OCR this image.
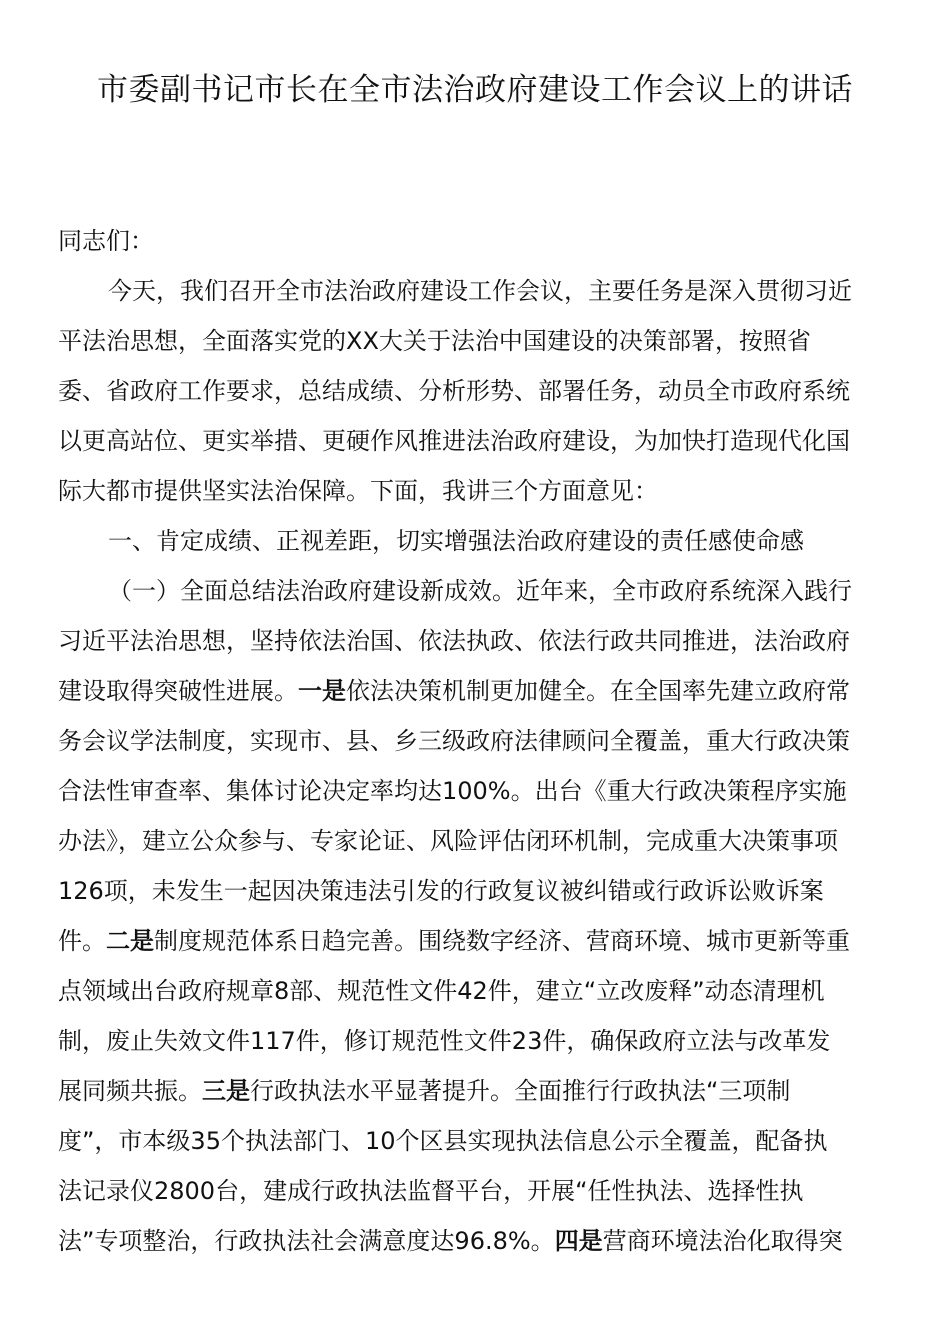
市委副书记市长在全市法治政府建设工作会议上的讲话
同志们：
今天，我们召开全市法治政府建设工作会议，主要任务是深入贯彻习近
平法治思想，全面落实党的XX大关于法治中国建设的决策部署，按照省
委、省政府工作要求，总结成绩、分析形势、部署任务，动员全市政府系统
以更高站位、更实举措、更硬作风推进法治政府建设，为加快打造现代化国
际大都市提供坚实法治保障。下面，我讲三个方面意见：
一、肯定成绩、正视差距，切实增强法治政府建设的责任感使命感
（一）全面总结法治政府建设新成效。近年来，全市政府系统深入践行
习近平法治思想，坚持依法治国、依法执政、依法行政共同推进，法治政府
建设取得突破性进展。一是依法决策机制更加健全。在全国率先建立政府常
务会议学法制度，实现市、县、乡三级政府法律顾问全覆盖，重大行政决策
合法性审查率、集体讨论决定率均达100%。出台《重大行政决策程序实施
办法》，建立公众参与、专家论证、风险评估闭环机制，完成重大决策事项
126项，未发生一起因决策违法引发的行政复议被纠错或行政诉讼败诉案
件。二是制度规范体系日趋完善。围绕数字经济、营商环境、城市更新等重
点领域出台政府规章8部、规范性文件42件，建立“立改废释”动态清理机
制，废止失效文件117件，修订规范性文件23件，确保政府立法与改革发
展同频共振。三是行政执法水平显著提升。全面推行行政执法“三项制
度”，市本级35个执法部门、10个区县实现执法信息公示全覆盖，配备执
法记录仪2800台，建成行政执法监督平台，开展“任性执法、选择性执
法”专项整治，行政执法社会满意度达96.8%。四是营商环境法治化取得突
